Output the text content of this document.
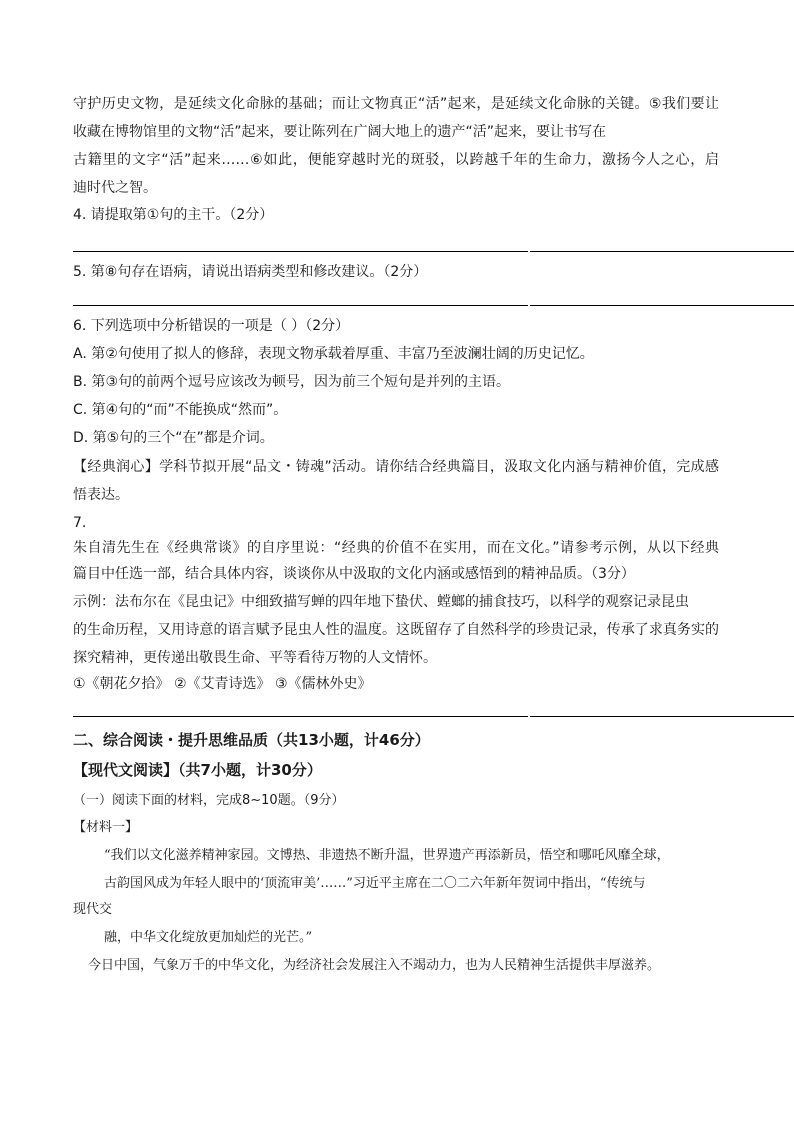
守护历史文物，是延续文化命脉的基础；而让文物真正“活”起来，是延续文化命脉的关键。⑤我们要让
收藏在博物馆里的文物“活”起来，要让陈列在广阔大地上的遗产“活”起来，要让书写在
古籍里的文字“活”起来……⑥如此，便能穿越时光的斑驳，以跨越千年的生命力，激扬今人之心，启
迪时代之智。
4. 请提取第①句的主干。（2分）
5. 第⑧句存在语病，请说出语病类型和修改建议。（2分）
6. 下列选项中分析错误的一项是（ ）（2分）
A. 第②句使用了拟人的修辞，表现文物承载着厚重、丰富乃至波澜壮阔的历史记忆。
B. 第③句的前两个逗号应该改为顿号，因为前三个短句是并列的主语。
C. 第④句的“而”不能换成“然而”。
D. 第⑤句的三个“在”都是介词。
【经典润心】学科节拟开展“品文・铸魂”活动。请你结合经典篇目，汲取文化内涵与精神价值，完成感
悟表达。
7.
朱自清先生在《经典常谈》的自序里说：“经典的价值不在实用，而在文化。”请参考示例，从以下经典
篇目中任选一部，结合具体内容，谈谈你从中汲取的文化内涵或感悟到的精神品质。（3分）
示例：法布尔在《昆虫记》中细致描写蝉的四年地下蛰伏、螳螂的捕食技巧，以科学的观察记录昆虫
的生命历程，又用诗意的语言赋予昆虫人性的温度。这既留存了自然科学的珍贵记录，传承了求真务实的
探究精神，更传递出敬畏生命、平等看待万物的人文情怀。
①《朝花夕拾》 ②《艾青诗选》 ③《儒林外史》
二、综合阅读・提升思维品质（共13小题，计46分）
【现代文阅读】（共7小题，计30分）
（一）阅读下面的材料，完成8~10题。（9分）
【材料一】
“我们以文化滋养精神家园。文博热、非遗热不断升温，世界遗产再添新员，悟空和哪吒风靡全球，
古韵国风成为年轻人眼中的‘顶流审美’……”习近平主席在二〇二六年新年贺词中指出，“传统与
现代交
融，中华文化绽放更加灿烂的光芒。”
今日中国，气象万千的中华文化，为经济社会发展注入不竭动力，也为人民精神生活提供丰厚滋养。
